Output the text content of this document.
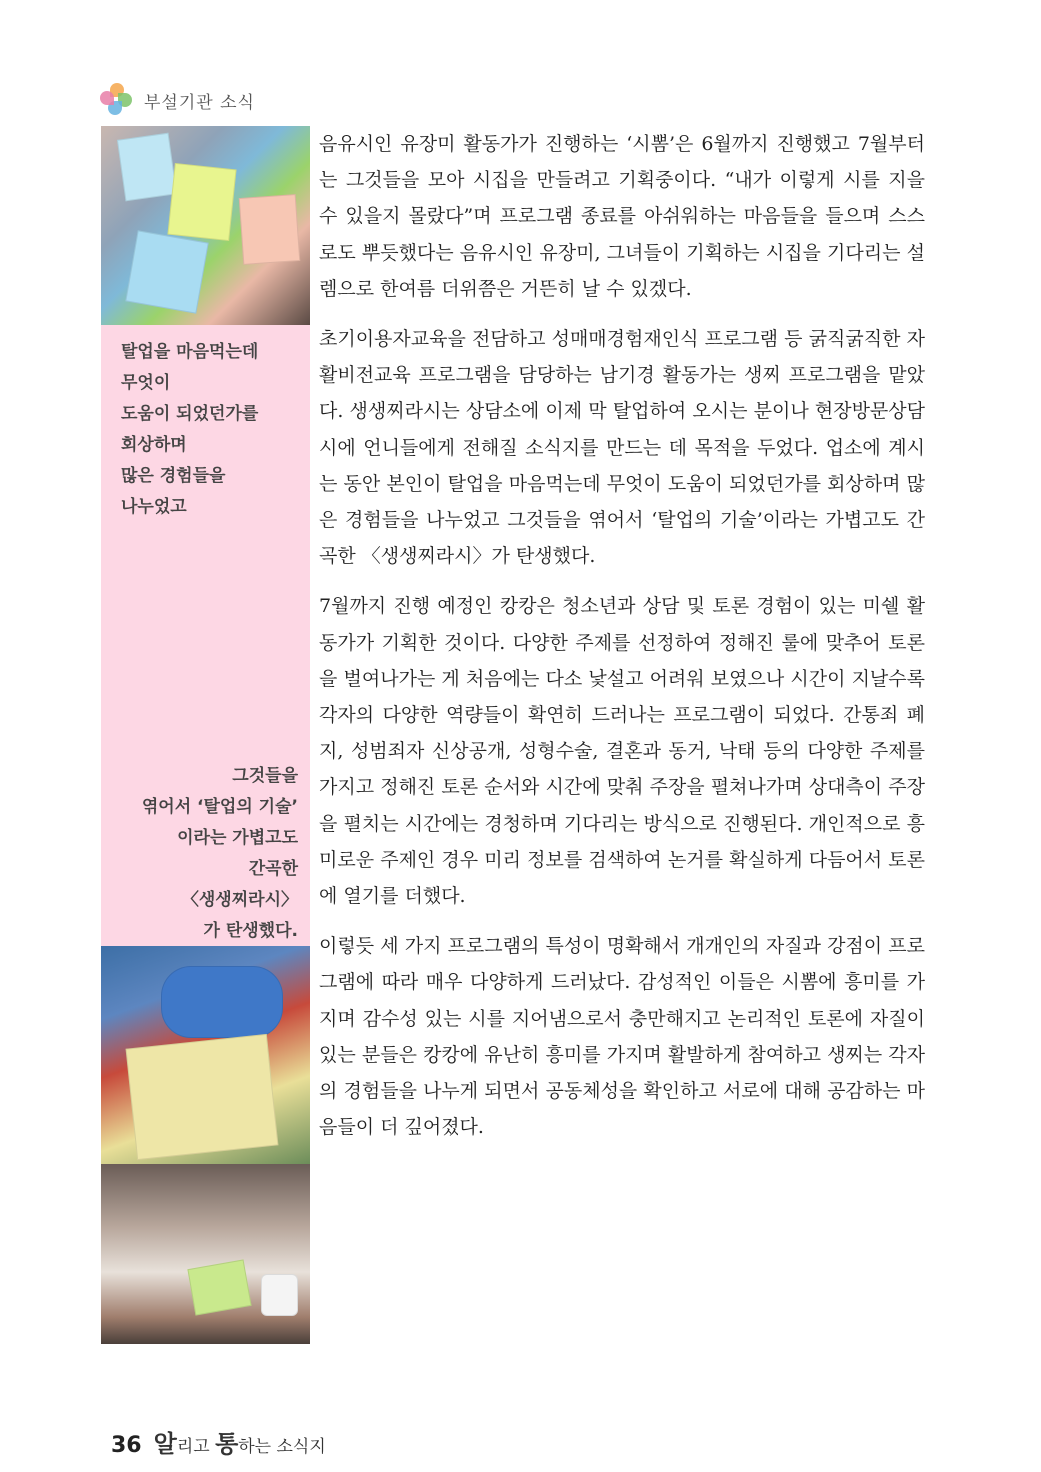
부설기관 소식
탈업을 마음먹는데
무엇이
도움이 되었던가를
회상하며
많은 경험들을
나누었고
그것들을
엮어서 ‘탈업의 기술’
이라는 가볍고도
간곡한
〈생생찌라시〉
가 탄생했다.

음유시인 유장미 활동가가 진행하는 ‘시뽐’은 6월까지 진행했고 7월부터는 그것들을 모아 시집을 만들려고 기획중이다. “내가 이렇게 시를 지을 수 있을지 몰랐다”며 프로그램 종료를 아쉬워하는 마음들을 들으며 스스로도 뿌듯했다는 음유시인 유장미, 그녀들이 기획하는 시집을 기다리는 설렘으로 한여름 더위쯤은 거뜬히 날 수 있겠다.

초기이용자교육을 전담하고 성매매경험재인식 프로그램 등 굵직굵직한 자활비전교육 프로그램을 담당하는 남기경 활동가는 생찌 프로그램을 맡았다. 생생찌라시는 상담소에 이제 막 탈업하여 오시는 분이나 현장방문상담시에 언니들에게 전해질 소식지를 만드는 데 목적을 두었다. 업소에 계시는 동안 본인이 탈업을 마음먹는데 무엇이 도움이 되었던가를 회상하며 많은 경험들을 나누었고 그것들을 엮어서 ‘탈업의 기술’이라는 가볍고도 간곡한 〈생생찌라시〉가 탄생했다.

7월까지 진행 예정인 캉캉은 청소년과 상담 및 토론 경험이 있는 미쉘 활동가가 기획한 것이다. 다양한 주제를 선정하여 정해진 룰에 맞추어 토론을 벌여나가는 게 처음에는 다소 낯설고 어려워 보였으나 시간이 지날수록 각자의 다양한 역량들이 확연히 드러나는 프로그램이 되었다. 간통죄 폐지, 성범죄자 신상공개, 성형수술, 결혼과 동거, 낙태 등의 다양한 주제를 가지고 정해진 토론 순서와 시간에 맞춰 주장을 펼쳐나가며 상대측이 주장을 펼치는 시간에는 경청하며 기다리는 방식으로 진행된다. 개인적으로 흥미로운 주제인 경우 미리 정보를 검색하여 논거를 확실하게 다듬어서 토론에 열기를 더했다.

이렇듯 세 가지 프로그램의 특성이 명확해서 개개인의 자질과 강점이 프로그램에 따라 매우 다양하게 드러났다. 감성적인 이들은 시뽐에 흥미를 가지며 감수성 있는 시를 지어냄으로서 충만해지고 논리적인 토론에 자질이 있는 분들은 캉캉에 유난히 흥미를 가지며 활발하게 참여하고 생찌는 각자의 경험들을 나누게 되면서 공동체성을 확인하고 서로에 대해 공감하는 마음들이 더 깊어졌다.

36 알리고 통하는 소식지
